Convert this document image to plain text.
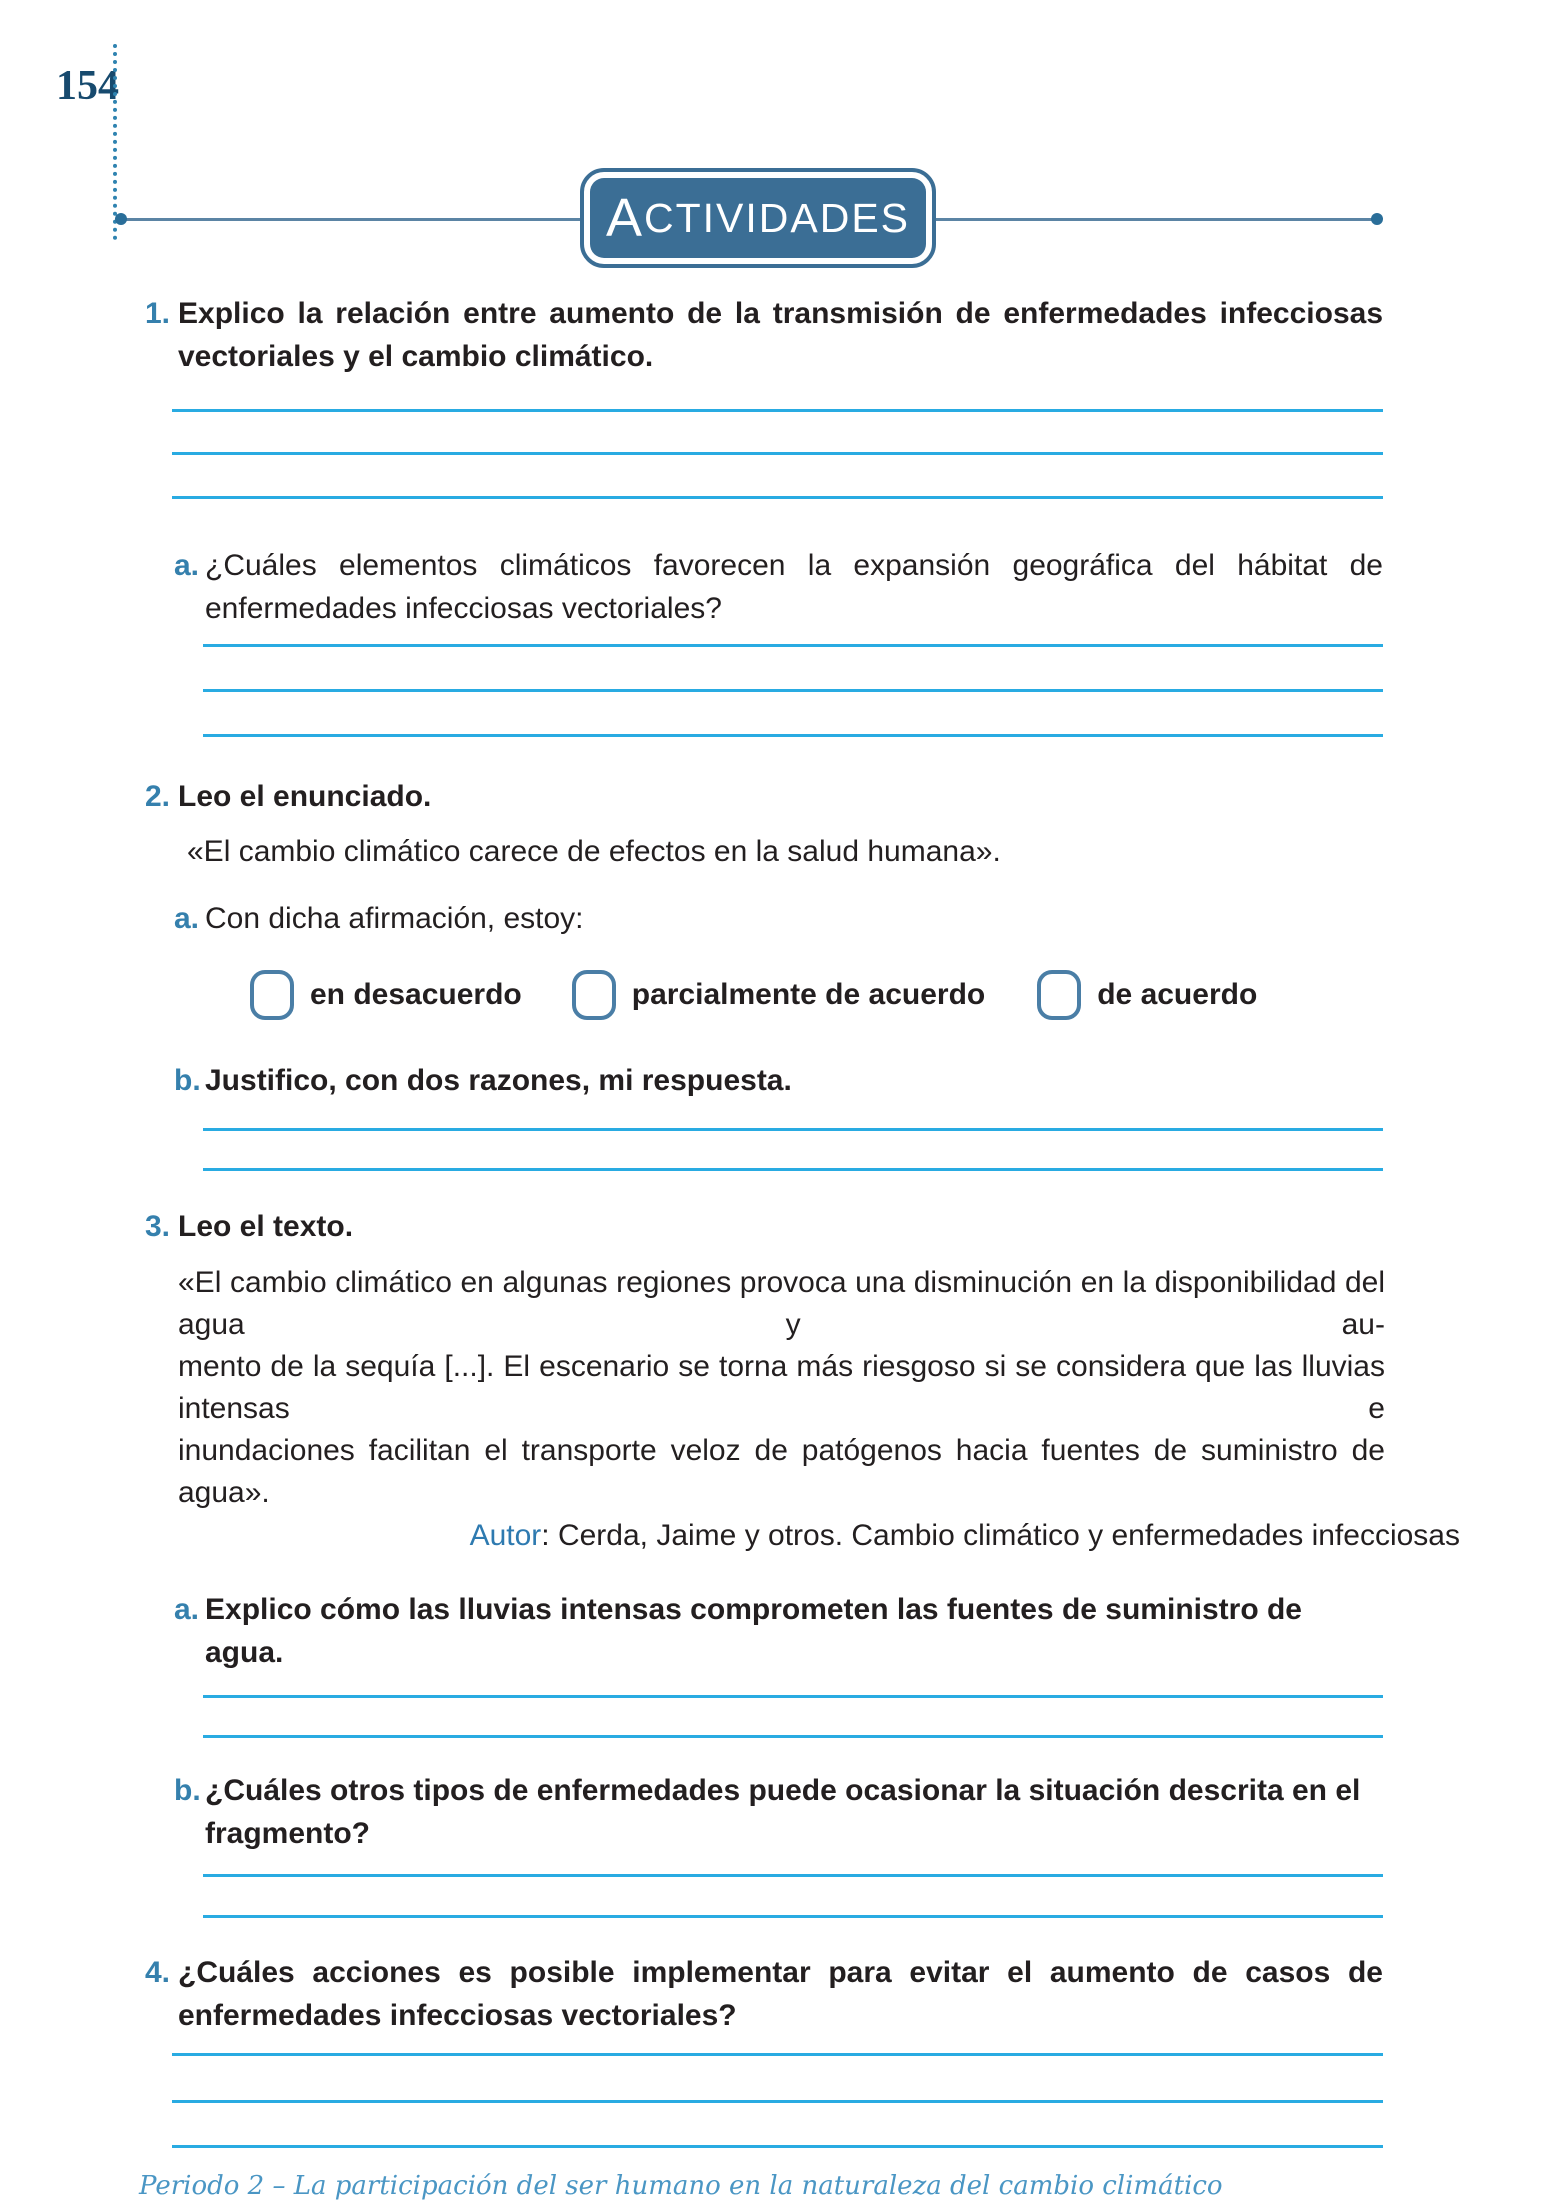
154
A CTIVIDADES
1. Explico la relación entre aumento de la transmisión de enfermedades infecciosas vectoriales y el cambio climático.
a. ¿Cuáles elementos climáticos favorecen la expansión geográfica del hábitat de enfermedades infecciosas vectoriales?
2. Leo el enunciado.
«El cambio climático carece de efectos en la salud humana».
a. Con dicha afirmación, estoy:
en desacuerdo	parcialmente de acuerdo	de acuerdo
b. Justifico, con dos razones, mi respuesta.
3. Leo el texto.
«El cambio climático en algunas regiones provoca una disminución en la disponibilidad del agua y au-
mento de la sequía [...]. El escenario se torna más riesgoso si se considera que las lluvias intensas e
inundaciones facilitan el transporte veloz de patógenos hacia fuentes de suministro de agua».
Autor: Cerda, Jaime y otros. Cambio climático y enfermedades infecciosas
a. Explico cómo las lluvias intensas comprometen las fuentes de suministro de agua.
b. ¿Cuáles otros tipos de enfermedades puede ocasionar la situación descrita en el fragmento?
4. ¿Cuáles acciones es posible implementar para evitar el aumento de casos de enfermedades infecciosas vectoriales?
Periodo 2 – La participación del ser humano en la naturaleza del cambio climático
